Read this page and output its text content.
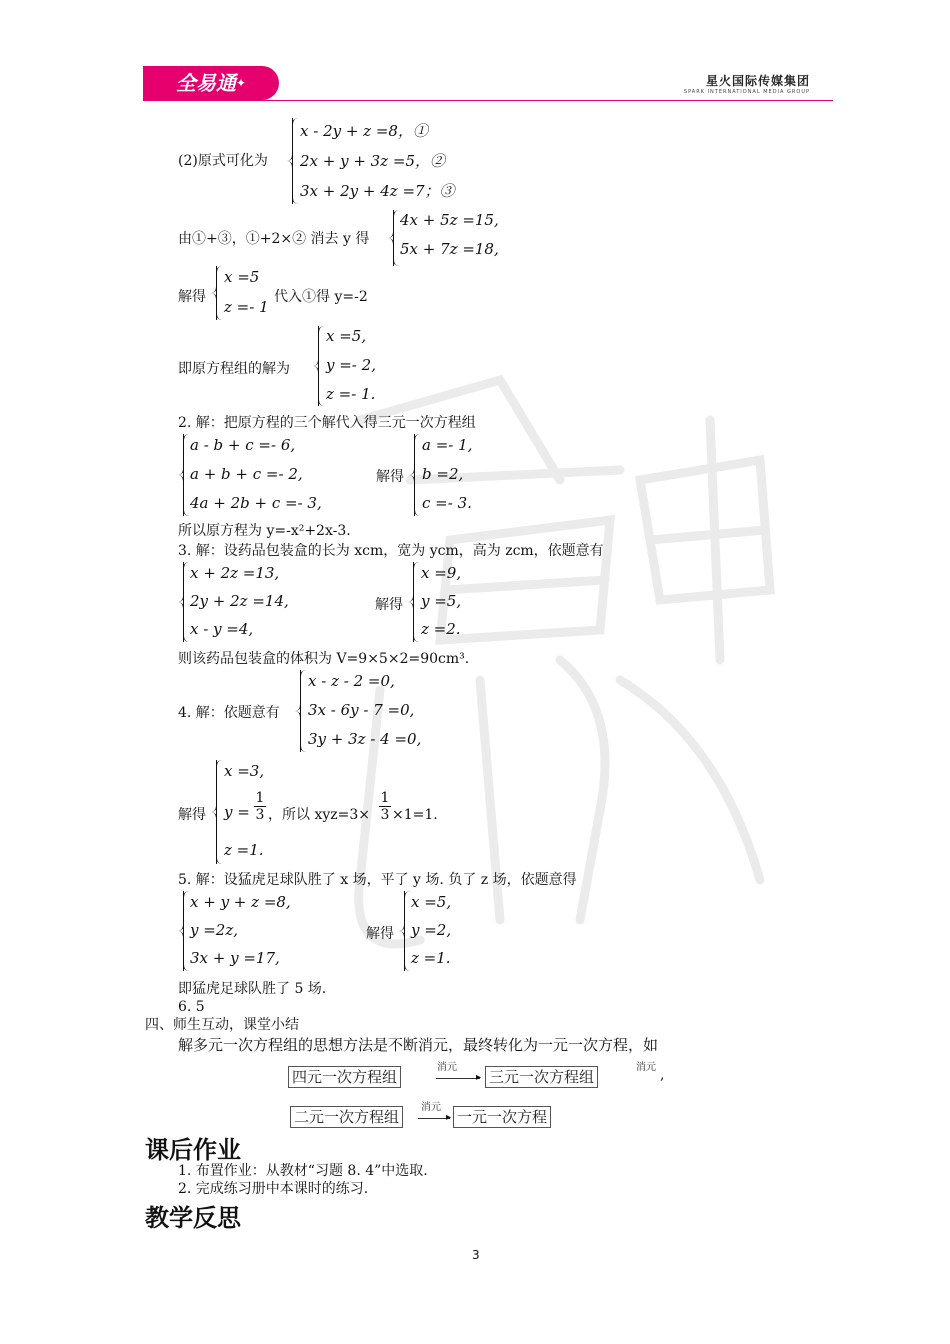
全易通✦	星火国际传媒集团
SPARK INTERNATIONAL MEDIA GROUP
(2)原式可化为
x - 2y + z =8，①
2x + y + 3z =5，②
3x + 2y + 4z =7；③
由①+③，①+2×② 消去 y 得
4x + 5z =15,
5x + 7z =18,
解得
x =5
z =- 1
代入①得 y=-2
即原方程组的解为
x =5,
y =- 2,
z =- 1.
2. 解：把原方程的三个解代入得三元一次方程组
a - b + c =- 6,
a + b + c =- 2,
4a + 2b + c =- 3,
解得
a =- 1,
b =2,
c =- 3.
所以原方程为 y=-x²+2x-3.
3. 解：设药品包装盒的长为 xcm，宽为 ycm，高为 zcm，依题意有
x + 2z =13,
2y + 2z =14,
x - y =4,
解得
x =9,
y =5,
z =2.
则该药品包装盒的体积为 V=9×5×2=90cm³.
4. 解：依题意有
x - z - 2 =0,
3x - 6y - 7 =0,
3y + 3z - 4 =0,
解得
x =3,
$y = \frac{1}{3}$ ，所以 $xyz=3\times \frac{1}{3} \times 1=1$.
z =1.
5. 解：设猛虎足球队胜了 x 场，平了 y 场. 负了 z 场，依题意得
x + y + z =8,
y =2z,
3x + y =17,
解得
x =5,
y =2,
z =1.
即猛虎足球队胜了 5 场.
6. 5
四、师生互动，课堂小结
解多元一次方程组的思想方法是不断消元，最终转化为一元一次方程，如
四元一次方程组
消元
▸ 三元一次方程组
消元 ,
二元一次方程组
消元
▸ 一元一次方程
课后作业
1. 布置作业：从教材“习题 8. 4”中选取.
2. 完成练习册中本课时的练习.
教学反思
3
